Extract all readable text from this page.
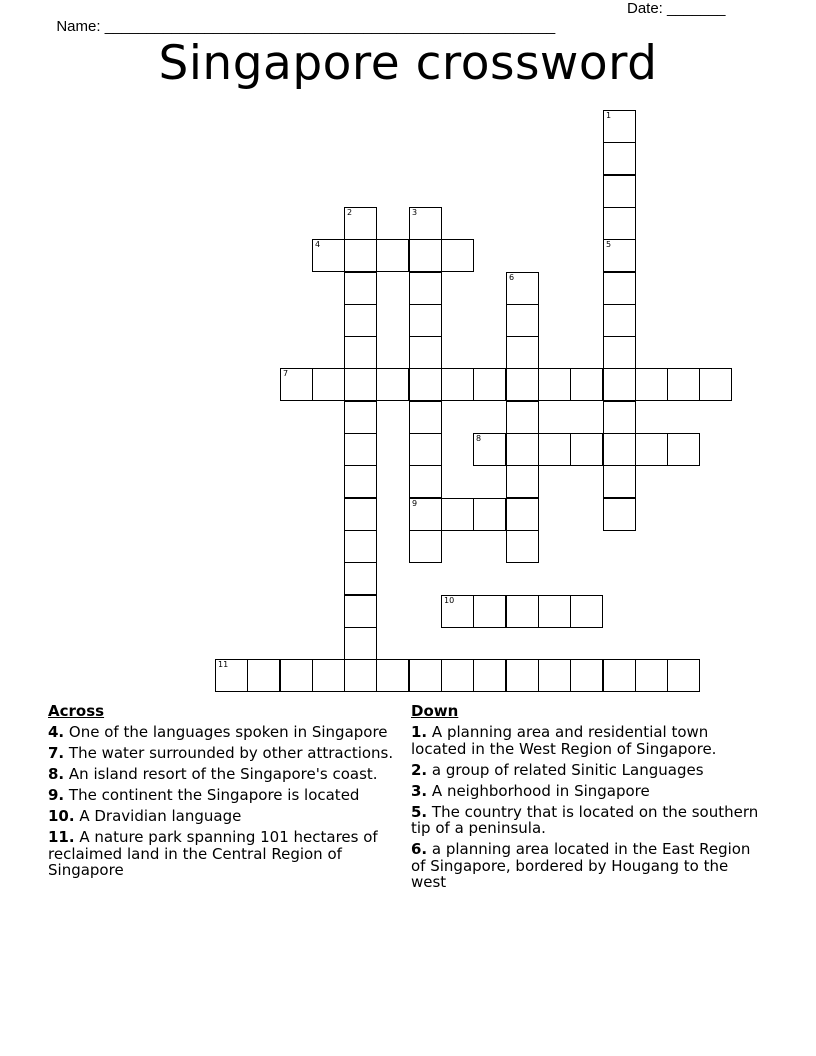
Name: ______________________________________________________

Date: _______

Singapore crossword
1
5
2	3
9
4
6
7
8
10
11
Across
4. One of the languages spoken in Singapore
7. The water surrounded by other attractions.
8. An island resort of the Singapore's coast.
9. The continent the Singapore is located
10. A Dravidian language
11. A nature park spanning 101 hectares of reclaimed land in the Central Region of Singapore
Down
1. A planning area and residential town located in the West Region of Singapore.
2. a group of related Sinitic Languages
3. A neighborhood in Singapore
5. The country that is located on the southern tip of a peninsula.
6. a planning area located in the East Region of Singapore, bordered by Hougang to the west
